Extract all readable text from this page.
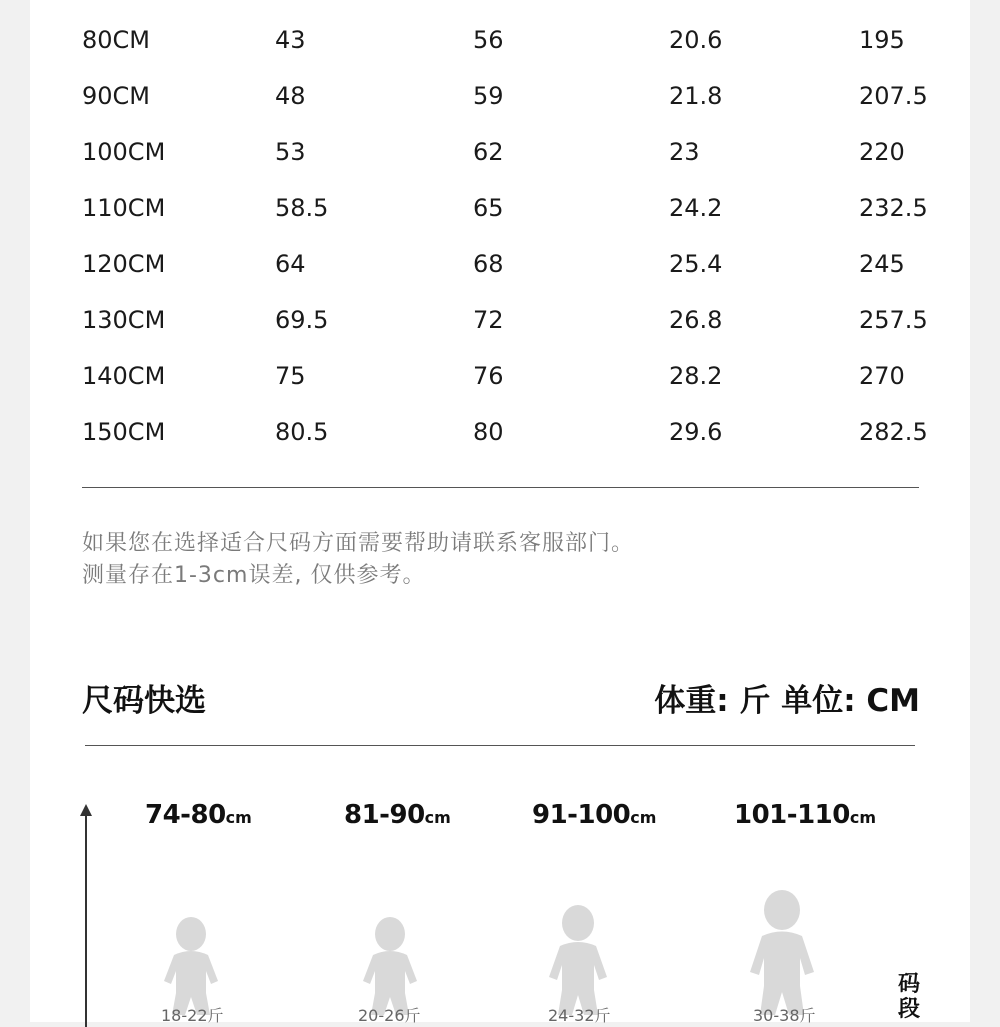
80CM	43	56	20.6	195
90CM	48	59	21.8	207.5
100CM	53	62	23	220
110CM	58.5	65	24.2	232.5
120CM	64	68	25.4	245
130CM	69.5	72	26.8	257.5
140CM	75	76	28.2	270
150CM	80.5	80	29.6	282.5
如果您在选择适合尺码方面需要帮助请联系客服部门。
测量存在1-3cm误差, 仅供参考。
尺码快选	体重: 斤 单位: CM
74-80cm	81-90cm	91-100cm	101-110cm
18-22斤	20-26斤	24-32斤	30-38斤
码段
